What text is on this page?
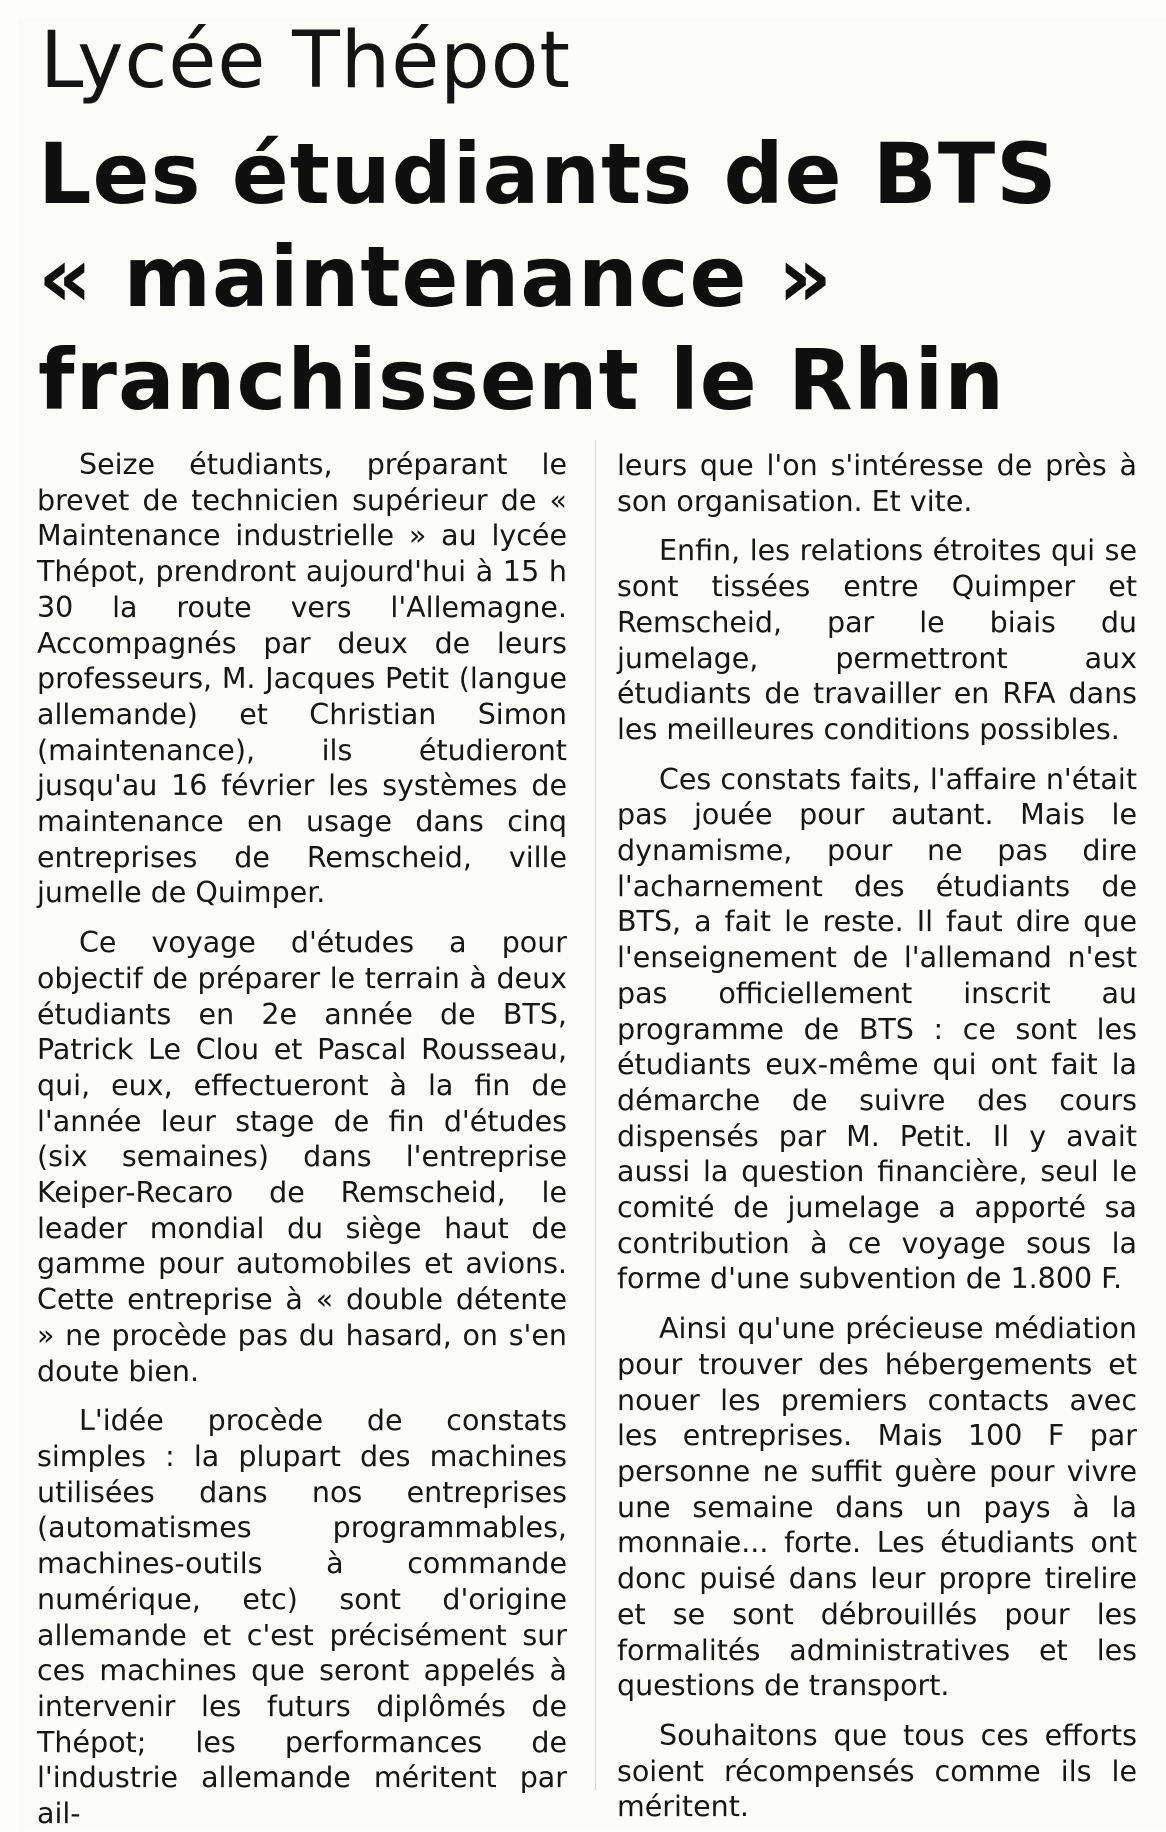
Lycée Thépot
Les étudiants de BTS
« maintenance »
franchissent le Rhin

Seize étudiants, préparant le brevet de technicien supérieur de « Maintenance industrielle » au lycée Thépot, prendront aujourd'hui à 15 h 30 la route vers l'Allemagne. Accompagnés par deux de leurs professeurs, M. Jacques Petit (langue allemande) et Christian Simon (maintenance), ils étudieront jusqu'au 16 février les systèmes de maintenance en usage dans cinq entreprises de Remscheid, ville jumelle de Quimper.

Ce voyage d'études a pour objectif de préparer le terrain à deux étudiants en 2e année de BTS, Patrick Le Clou et Pascal Rousseau, qui, eux, effectueront à la fin de l'année leur stage de fin d'études (six semaines) dans l'entreprise Keiper-Recaro de Remscheid, le leader mondial du siège haut de gamme pour automobiles et avions. Cette entreprise à « double détente » ne procède pas du hasard, on s'en doute bien.

L'idée procède de constats simples : la plupart des machines utilisées dans nos entreprises (automatismes programmables, machines-outils à commande numérique, etc) sont d'origine allemande et c'est précisément sur ces machines que seront appelés à intervenir les futurs diplômés de Thépot; les performances de l'industrie allemande méritent par ail-

leurs que l'on s'intéresse de près à son organisation. Et vite.

Enfin, les relations étroites qui se sont tissées entre Quimper et Remscheid, par le biais du jumelage, permettront aux étudiants de travailler en RFA dans les meilleures conditions possibles.

Ces constats faits, l'affaire n'était pas jouée pour autant. Mais le dynamisme, pour ne pas dire l'acharnement des étudiants de BTS, a fait le reste. Il faut dire que l'enseignement de l'allemand n'est pas officiellement inscrit au programme de BTS : ce sont les étudiants eux-même qui ont fait la démarche de suivre des cours dispensés par M. Petit. Il y avait aussi la question financière, seul le comité de jumelage a apporté sa contribution à ce voyage sous la forme d'une subvention de 1.800 F.

Ainsi qu'une précieuse médiation pour trouver des hébergements et nouer les premiers contacts avec les entreprises. Mais 100 F par personne ne suffit guère pour vivre une semaine dans un pays à la monnaie... forte. Les étudiants ont donc puisé dans leur propre tirelire et se sont débrouillés pour les formalités administratives et les questions de transport.

Souhaitons que tous ces efforts soient récompensés comme ils le méritent.
